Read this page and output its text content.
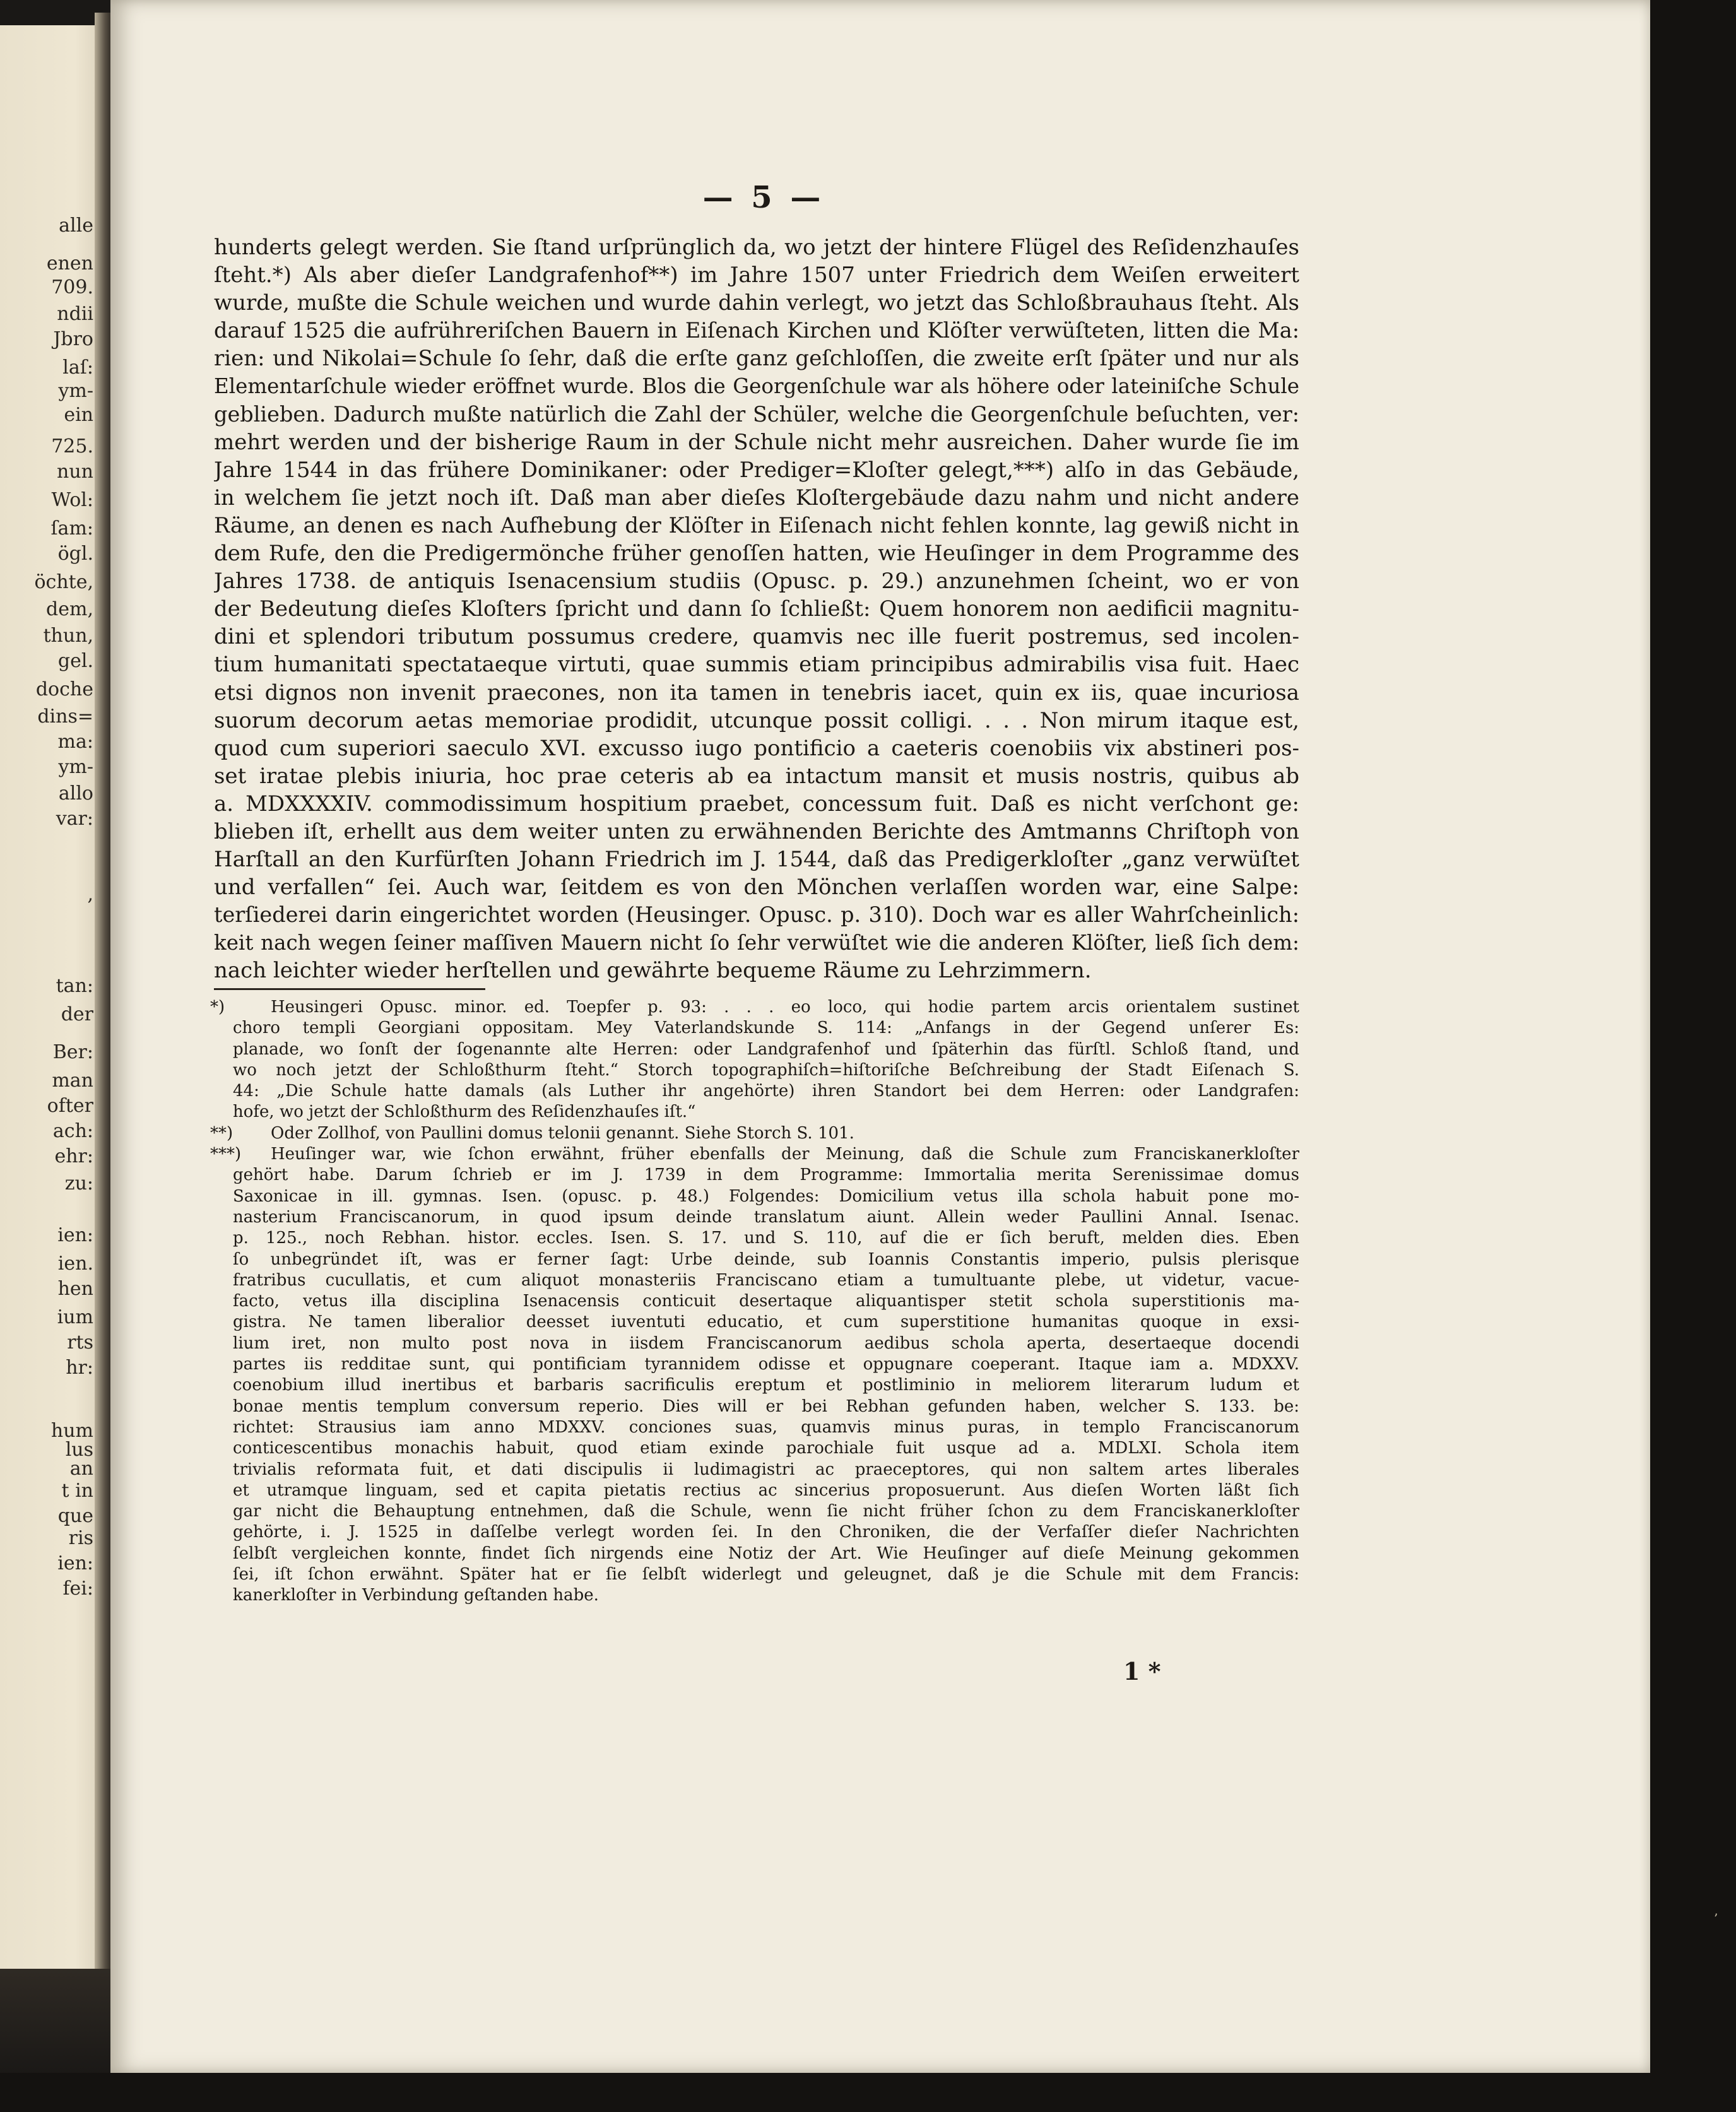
alle
enen
709.
ndii
Jbro
laſ:
ym-
ein
725.
nun
Wol:
ſam:
ögl.
öchte,
dem,
thun,
gel.
doche
dins=
ma:
ym-
allo
var:
,
tan:
der
Ber:
man
ofter
ach:
ehr:
zu:
ien:
ien.
hen
ium
rts
hr:
hum
lus
an
t in
que
ris
ien:
fei:
— 5 —
hunderts gelegt werden. Sie ſtand urſprünglich da, wo jetzt der hintere Flügel des Reſidenzhauſes
ſteht.*) Als aber dieſer Landgrafenhof**) im Jahre 1507 unter Friedrich dem Weiſen erweitert
wurde, mußte die Schule weichen und wurde dahin verlegt, wo jetzt das Schloßbrauhaus ſteht. Als
darauf 1525 die aufrühreriſchen Bauern in Eiſenach Kirchen und Klöſter verwüſteten, litten die Ma:
rien: und Nikolai=Schule ſo ſehr, daß die erſte ganz geſchloſſen, die zweite erſt ſpäter und nur als
Elementarſchule wieder eröffnet wurde. Blos die Georgenſchule war als höhere oder lateiniſche Schule
geblieben. Dadurch mußte natürlich die Zahl der Schüler, welche die Georgenſchule beſuchten, ver:
mehrt werden und der bisherige Raum in der Schule nicht mehr ausreichen. Daher wurde ſie im
Jahre 1544 in das frühere Dominikaner: oder Prediger=Kloſter gelegt,***) alſo in das Gebäude,
in welchem ſie jetzt noch iſt. Daß man aber dieſes Kloſtergebäude dazu nahm und nicht andere
Räume, an denen es nach Aufhebung der Klöſter in Eiſenach nicht fehlen konnte, lag gewiß nicht in
dem Rufe, den die Predigermönche früher genoſſen hatten, wie Heuſinger in dem Programme des
Jahres 1738. de antiquis Isenacensium studiis (Opusc. p. 29.) anzunehmen ſcheint, wo er von
der Bedeutung dieſes Kloſters ſpricht und dann ſo ſchließt: Quem honorem non aedificii magnitu-
dini et splendori tributum possumus credere, quamvis nec ille fuerit postremus, sed incolen-
tium humanitati spectataeque virtuti, quae summis etiam principibus admirabilis visa fuit. Haec
etsi dignos non invenit praecones, non ita tamen in tenebris iacet, quin ex iis, quae incuriosa
suorum decorum aetas memoriae prodidit, utcunque possit colligi. . . . Non mirum itaque est,
quod cum superiori saeculo XVI. excusso iugo pontificio a caeteris coenobiis vix abstineri pos-
set iratae plebis iniuria, hoc prae ceteris ab ea intactum mansit et musis nostris, quibus ab
a. MDXXXXIV. commodissimum hospitium praebet, concessum fuit. Daß es nicht verſchont ge:
blieben iſt, erhellt aus dem weiter unten zu erwähnenden Berichte des Amtmanns Chriſtoph von
Harſtall an den Kurfürſten Johann Friedrich im J. 1544, daß das Predigerkloſter „ganz verwüſtet
und verfallen“ ſei. Auch war, ſeitdem es von den Mönchen verlaſſen worden war, eine Salpe:
terſiederei darin eingerichtet worden (Heusinger. Opusc. p. 310). Doch war es aller Wahrſcheinlich:
keit nach wegen ſeiner maſſiven Mauern nicht ſo ſehr verwüſtet wie die anderen Klöſter, ließ ſich dem:
nach leichter wieder herſtellen und gewährte bequeme Räume zu Lehrzimmern.
*)	Heusingeri Opusc. minor. ed. Toepfer p. 93: . . . eo loco, qui hodie partem arcis orientalem sustinet
choro templi Georgiani oppositam. Mey Vaterlandskunde S. 114: „Anfangs in der Gegend unſerer Es:
planade, wo ſonſt der ſogenannte alte Herren: oder Landgrafenhof und ſpäterhin das fürſtl. Schloß ſtand, und
wo noch jetzt der Schloßthurm ſteht.“ Storch topographiſch=hiſtoriſche Beſchreibung der Stadt Eiſenach S.
44: „Die Schule hatte damals (als Luther ihr angehörte) ihren Standort bei dem Herren: oder Landgrafen:
hofe, wo jetzt der Schloßthurm des Reſidenzhauſes iſt.“
**)	Oder Zollhof, von Paullini domus telonii genannt. Siehe Storch S. 101.
***)	Heuſinger war, wie ſchon erwähnt, früher ebenfalls der Meinung, daß die Schule zum Franciskanerkloſter
gehört habe. Darum ſchrieb er im J. 1739 in dem Programme: Immortalia merita Serenissimae domus
Saxonicae in ill. gymnas. Isen. (opusc. p. 48.) Folgendes: Domicilium vetus illa schola habuit pone mo-
nasterium Franciscanorum, in quod ipsum deinde translatum aiunt. Allein weder Paullini Annal. Isenac.
p. 125., noch Rebhan. histor. eccles. Isen. S. 17. und S. 110, auf die er ſich beruft, melden dies. Eben
ſo unbegründet iſt, was er ferner ſagt: Urbe deinde, sub Ioannis Constantis imperio, pulsis plerisque
fratribus cucullatis, et cum aliquot monasteriis Franciscano etiam a tumultuante plebe, ut videtur, vacue-
facto, vetus illa disciplina Isenacensis conticuit desertaque aliquantisper stetit schola superstitionis ma-
gistra. Ne tamen liberalior deesset iuventuti educatio, et cum superstitione humanitas quoque in exsi-
lium iret, non multo post nova in iisdem Franciscanorum aedibus schola aperta, desertaeque docendi
partes iis redditae sunt, qui pontificiam tyrannidem odisse et oppugnare coeperant. Itaque iam a. MDXXV.
coenobium illud inertibus et barbaris sacrificulis ereptum et postliminio in meliorem literarum ludum et
bonae mentis templum conversum reperio. Dies will er bei Rebhan gefunden haben, welcher S. 133. be:
richtet: Strausius iam anno MDXXV. conciones suas, quamvis minus puras, in templo Franciscanorum
conticescentibus monachis habuit, quod etiam exinde parochiale fuit usque ad a. MDLXI. Schola item
trivialis reformata fuit, et dati discipulis ii ludimagistri ac praeceptores, qui non saltem artes liberales
et utramque linguam, sed et capita pietatis rectius ac sincerius proposuerunt. Aus dieſen Worten läßt ſich
gar nicht die Behauptung entnehmen, daß die Schule, wenn ſie nicht früher ſchon zu dem Franciskanerkloſter
gehörte, i. J. 1525 in daſſelbe verlegt worden ſei. In den Chroniken, die der Verfaſſer dieſer Nachrichten
ſelbſt vergleichen konnte, findet ſich nirgends eine Notiz der Art. Wie Heuſinger auf dieſe Meinung gekommen
ſei, iſt ſchon erwähnt. Später hat er ſie ſelbſt widerlegt und geleugnet, daß je die Schule mit dem Francis:
kanerkloſter in Verbindung geſtanden habe.
1 *
’
